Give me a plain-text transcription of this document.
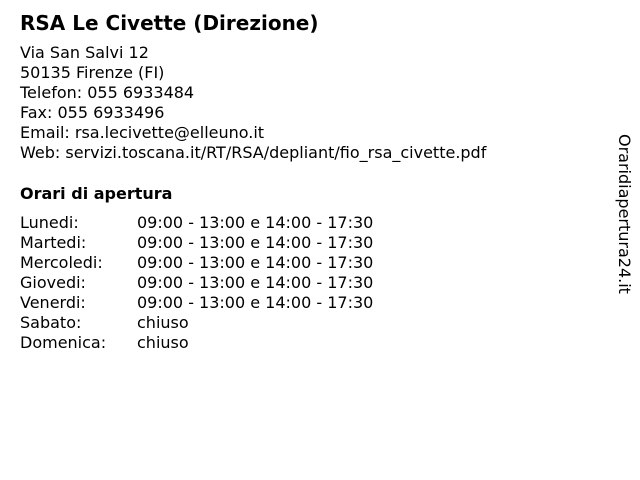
RSA Le Civette (Direzione)
Via San Salvi 12
50135 Firenze (FI)
Telefon: 055 6933484
Fax: 055 6933496
Email: rsa.lecivette@elleuno.it
Web: servizi.toscana.it/RT/RSA/depliant/fio_rsa_civette.pdf
Orari di apertura
Lunedi:	09:00 - 13:00 e 14:00 - 17:30
Martedi:	09:00 - 13:00 e 14:00 - 17:30
Mercoledi:	09:00 - 13:00 e 14:00 - 17:30
Giovedi:	09:00 - 13:00 e 14:00 - 17:30
Venerdi:	09:00 - 13:00 e 14:00 - 17:30
Sabato:	chiuso
Domenica:	chiuso
Oraridiapertura24.it
